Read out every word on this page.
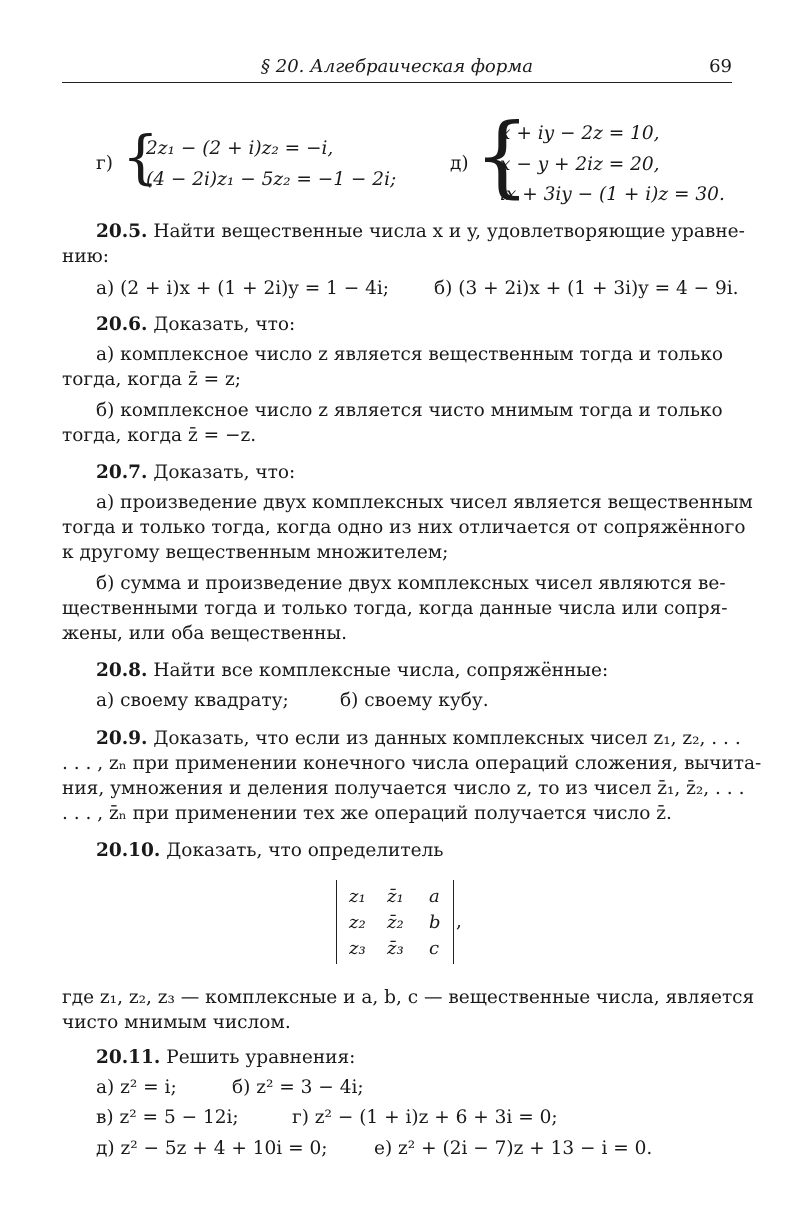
§ 20. Алгебраическая форма	69
г) {
2z₁ − (2 + i)z₂ = −i,
(4 − 2i)z₁ − 5z₂ = −1 − 2i;
д) {
x + iy − 2z = 10,
x − y + 2iz = 20,
ix + 3iy − (1 + i)z = 30.
20.5. Найти вещественные числа x и y, удовлетворяющие уравне-
нию:
а) (2 + i)x + (1 + 2i)y = 1 − 4i; б) (3 + 2i)x + (1 + 3i)y = 4 − 9i.
20.6. Доказать, что:
а) комплексное число z является вещественным тогда и только
тогда, когда z̄ = z;
б) комплексное число z является чисто мнимым тогда и только
тогда, когда z̄ = −z.
20.7. Доказать, что:
а) произведение двух комплексных чисел является вещественным
тогда и только тогда, когда одно из них отличается от сопряжённого
к другому вещественным множителем;
б) сумма и произведение двух комплексных чисел являются ве-
щественными тогда и только тогда, когда данные числа или сопря-
жены, или оба вещественны.
20.8. Найти все комплексные числа, сопряжённые:
а) своему квадрату;	б) своему кубу.
20.9. Доказать, что если из данных комплексных чисел z₁, z₂, . . .
. . . , zₙ при применении конечного числа операций сложения, вычита-
ния, умножения и деления получается число z, то из чисел z̄₁, z̄₂, . . .
. . . , z̄ₙ при применении тех же операций получается число z̄.
20.10. Доказать, что определитель
z₁ z̄₁ a
z₂ z̄₂ b
z₃ z̄₃ c
,
где z₁, z₂, z₃ — комплексные и a, b, c — вещественные числа, является
чисто мнимым числом.
20.11. Решить уравнения:
а) z² = i;	б) z² = 3 − 4i;
в) z² = 5 − 12i;	г) z² − (1 + i)z + 6 + 3i = 0;
д) z² − 5z + 4 + 10i = 0;	е) z² + (2i − 7)z + 13 − i = 0.
